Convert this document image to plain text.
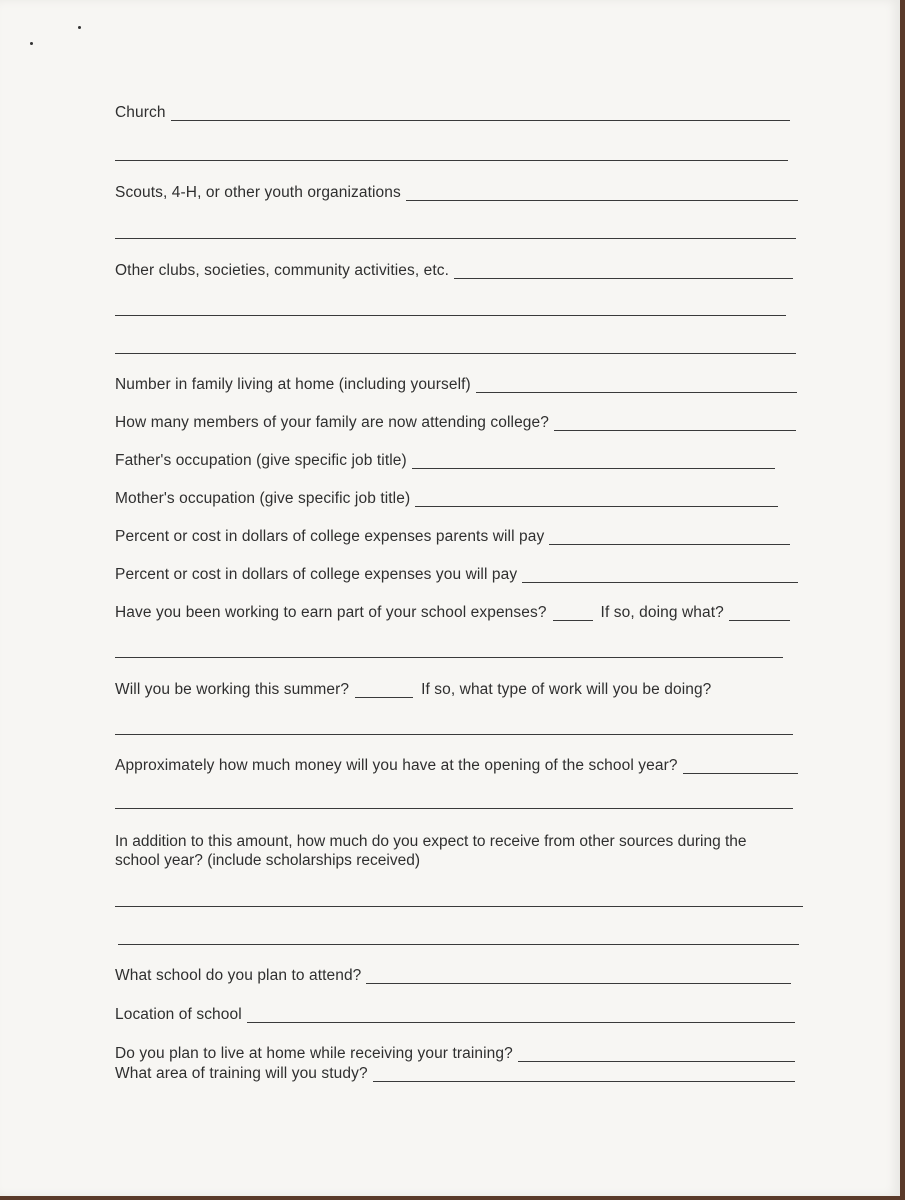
Church
Scouts, 4-H, or other youth organizations
Other clubs, societies, community activities, etc.
Number in family living at home (including yourself)
How many members of your family are now attending college?
Father's occupation (give specific job title)
Mother's occupation (give specific job title)
Percent or cost in dollars of college expenses parents will pay
Percent or cost in dollars of college expenses you will pay
Have you been working to earn part of your school expenses?	If so, doing what?
Will you be working this summer?	If so, what type of work will you be doing?
Approximately how much money will you have at the opening of the school year?
In addition to this amount, how much do you expect to receive from other sources during the
school year? (include scholarships received)
What school do you plan to attend?
Location of school
Do you plan to live at home while receiving your training?
What area of training will you study?
